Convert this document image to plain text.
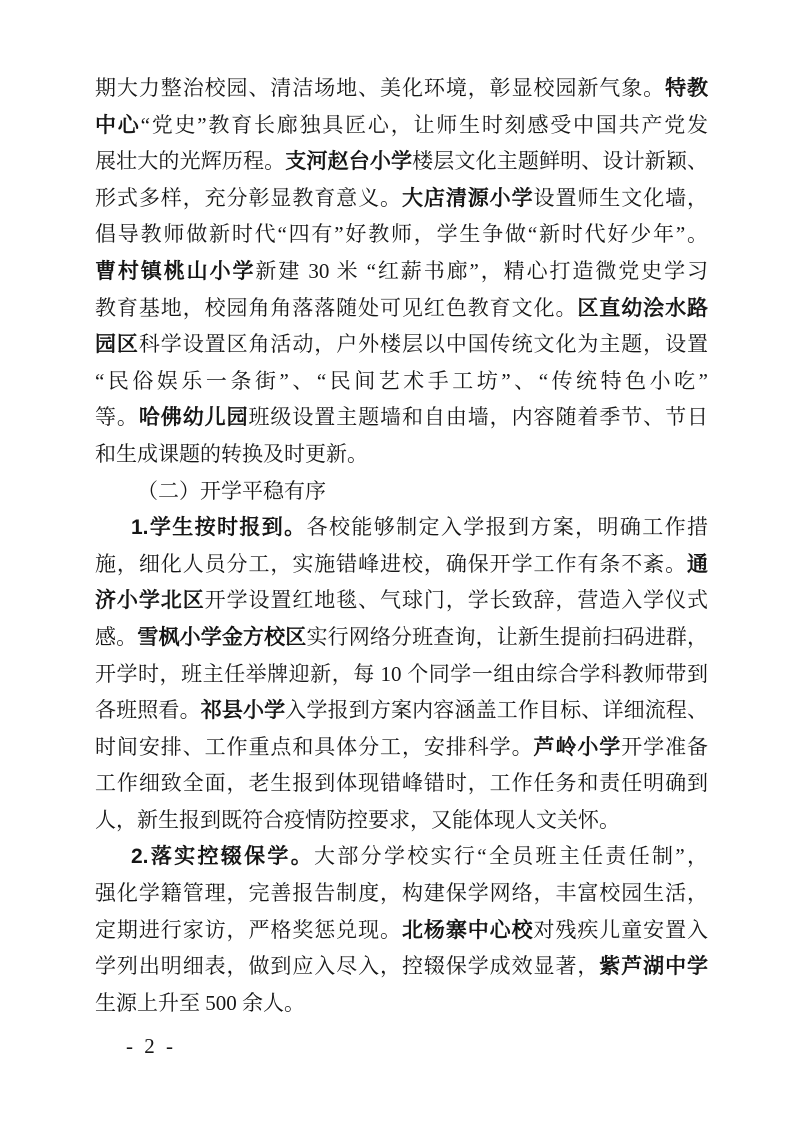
期大力整治校园、清洁场地、美化环境，彰显校园新气象。特教
中心“党史”教育长廊独具匠心，让师生时刻感受中国共产党发
展壮大的光辉历程。支河赵台小学楼层文化主题鲜明、设计新颖、
形式多样，充分彰显教育意义。大店清源小学设置师生文化墙，
倡导教师做新时代“四有”好教师，学生争做“新时代好少年”。
曹村镇桃山小学新建 30 米 “红薪书廊”，精心打造微党史学习
教育基地，校园角角落落随处可见红色教育文化。区直幼浍水路
园区科学设置区角活动，户外楼层以中国传统文化为主题，设置
“民俗娱乐一条街”、“民间艺术手工坊”、“传统特色小吃”
等。哈佛幼儿园班级设置主题墙和自由墙，内容随着季节、节日
和生成课题的转换及时更新。
（二）开学平稳有序
1.学生按时报到。各校能够制定入学报到方案，明确工作措
施，细化人员分工，实施错峰进校，确保开学工作有条不紊。通
济小学北区开学设置红地毯、气球门，学长致辞，营造入学仪式
感。雪枫小学金方校区实行网络分班查询，让新生提前扫码进群，
开学时，班主任举牌迎新，每 10 个同学一组由综合学科教师带到
各班照看。祁县小学入学报到方案内容涵盖工作目标、详细流程、
时间安排、工作重点和具体分工，安排科学。芦岭小学开学准备
工作细致全面，老生报到体现错峰错时，工作任务和责任明确到
人，新生报到既符合疫情防控要求，又能体现人文关怀。
2.落实控辍保学。大部分学校实行“全员班主任责任制”，
强化学籍管理，完善报告制度，构建保学网络，丰富校园生活，
定期进行家访，严格奖惩兑现。北杨寨中心校对残疾儿童安置入
学列出明细表，做到应入尽入，控辍保学成效显著，紫芦湖中学
生源上升至 500 余人。
- 2 -
